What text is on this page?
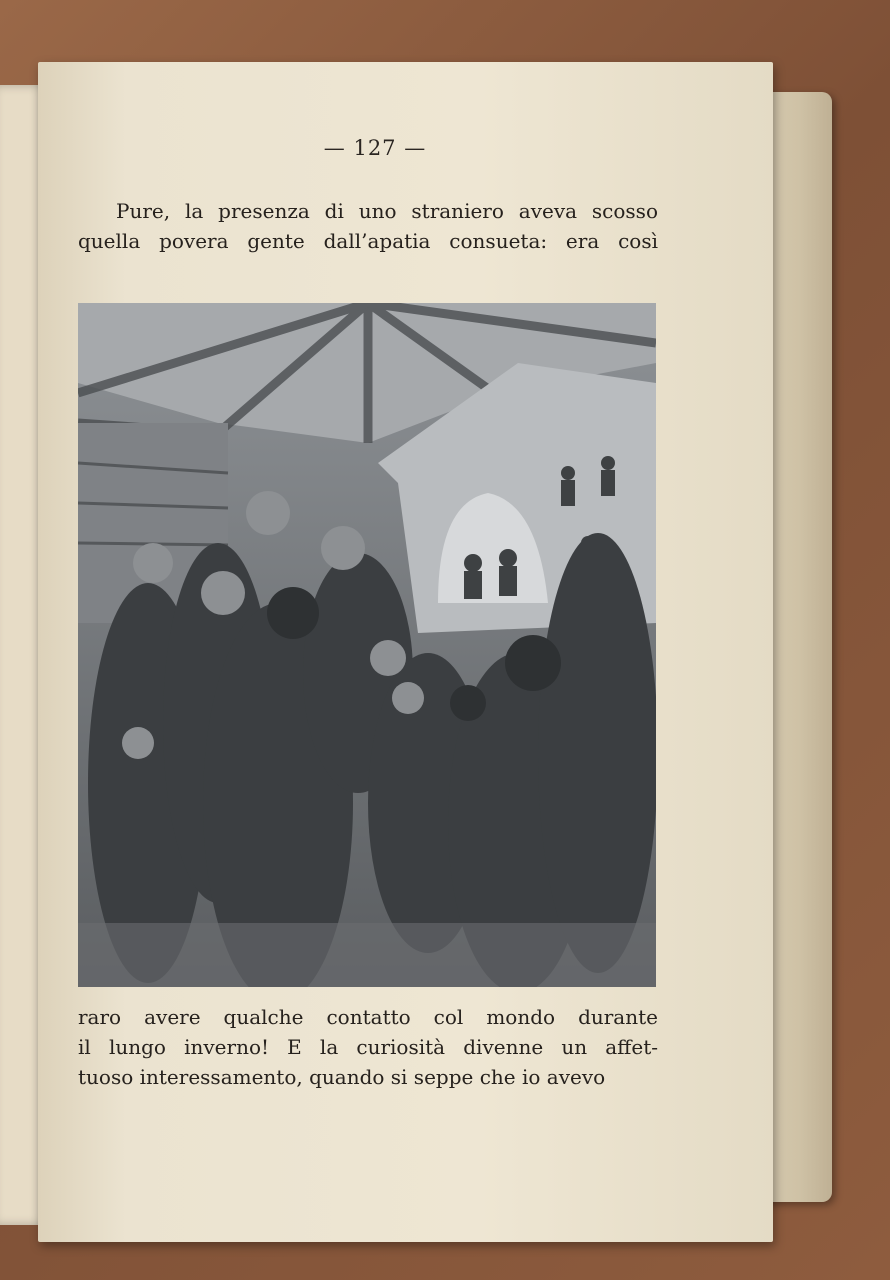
— 127 —
Pure, la presenza di uno straniero aveva scosso
quella povera gente dall’apatia consueta: era così
raro avere qualche contatto col mondo durante
il lungo inverno! E la curiosità divenne un affet-
tuoso interessamento, quando si seppe che io avevo
